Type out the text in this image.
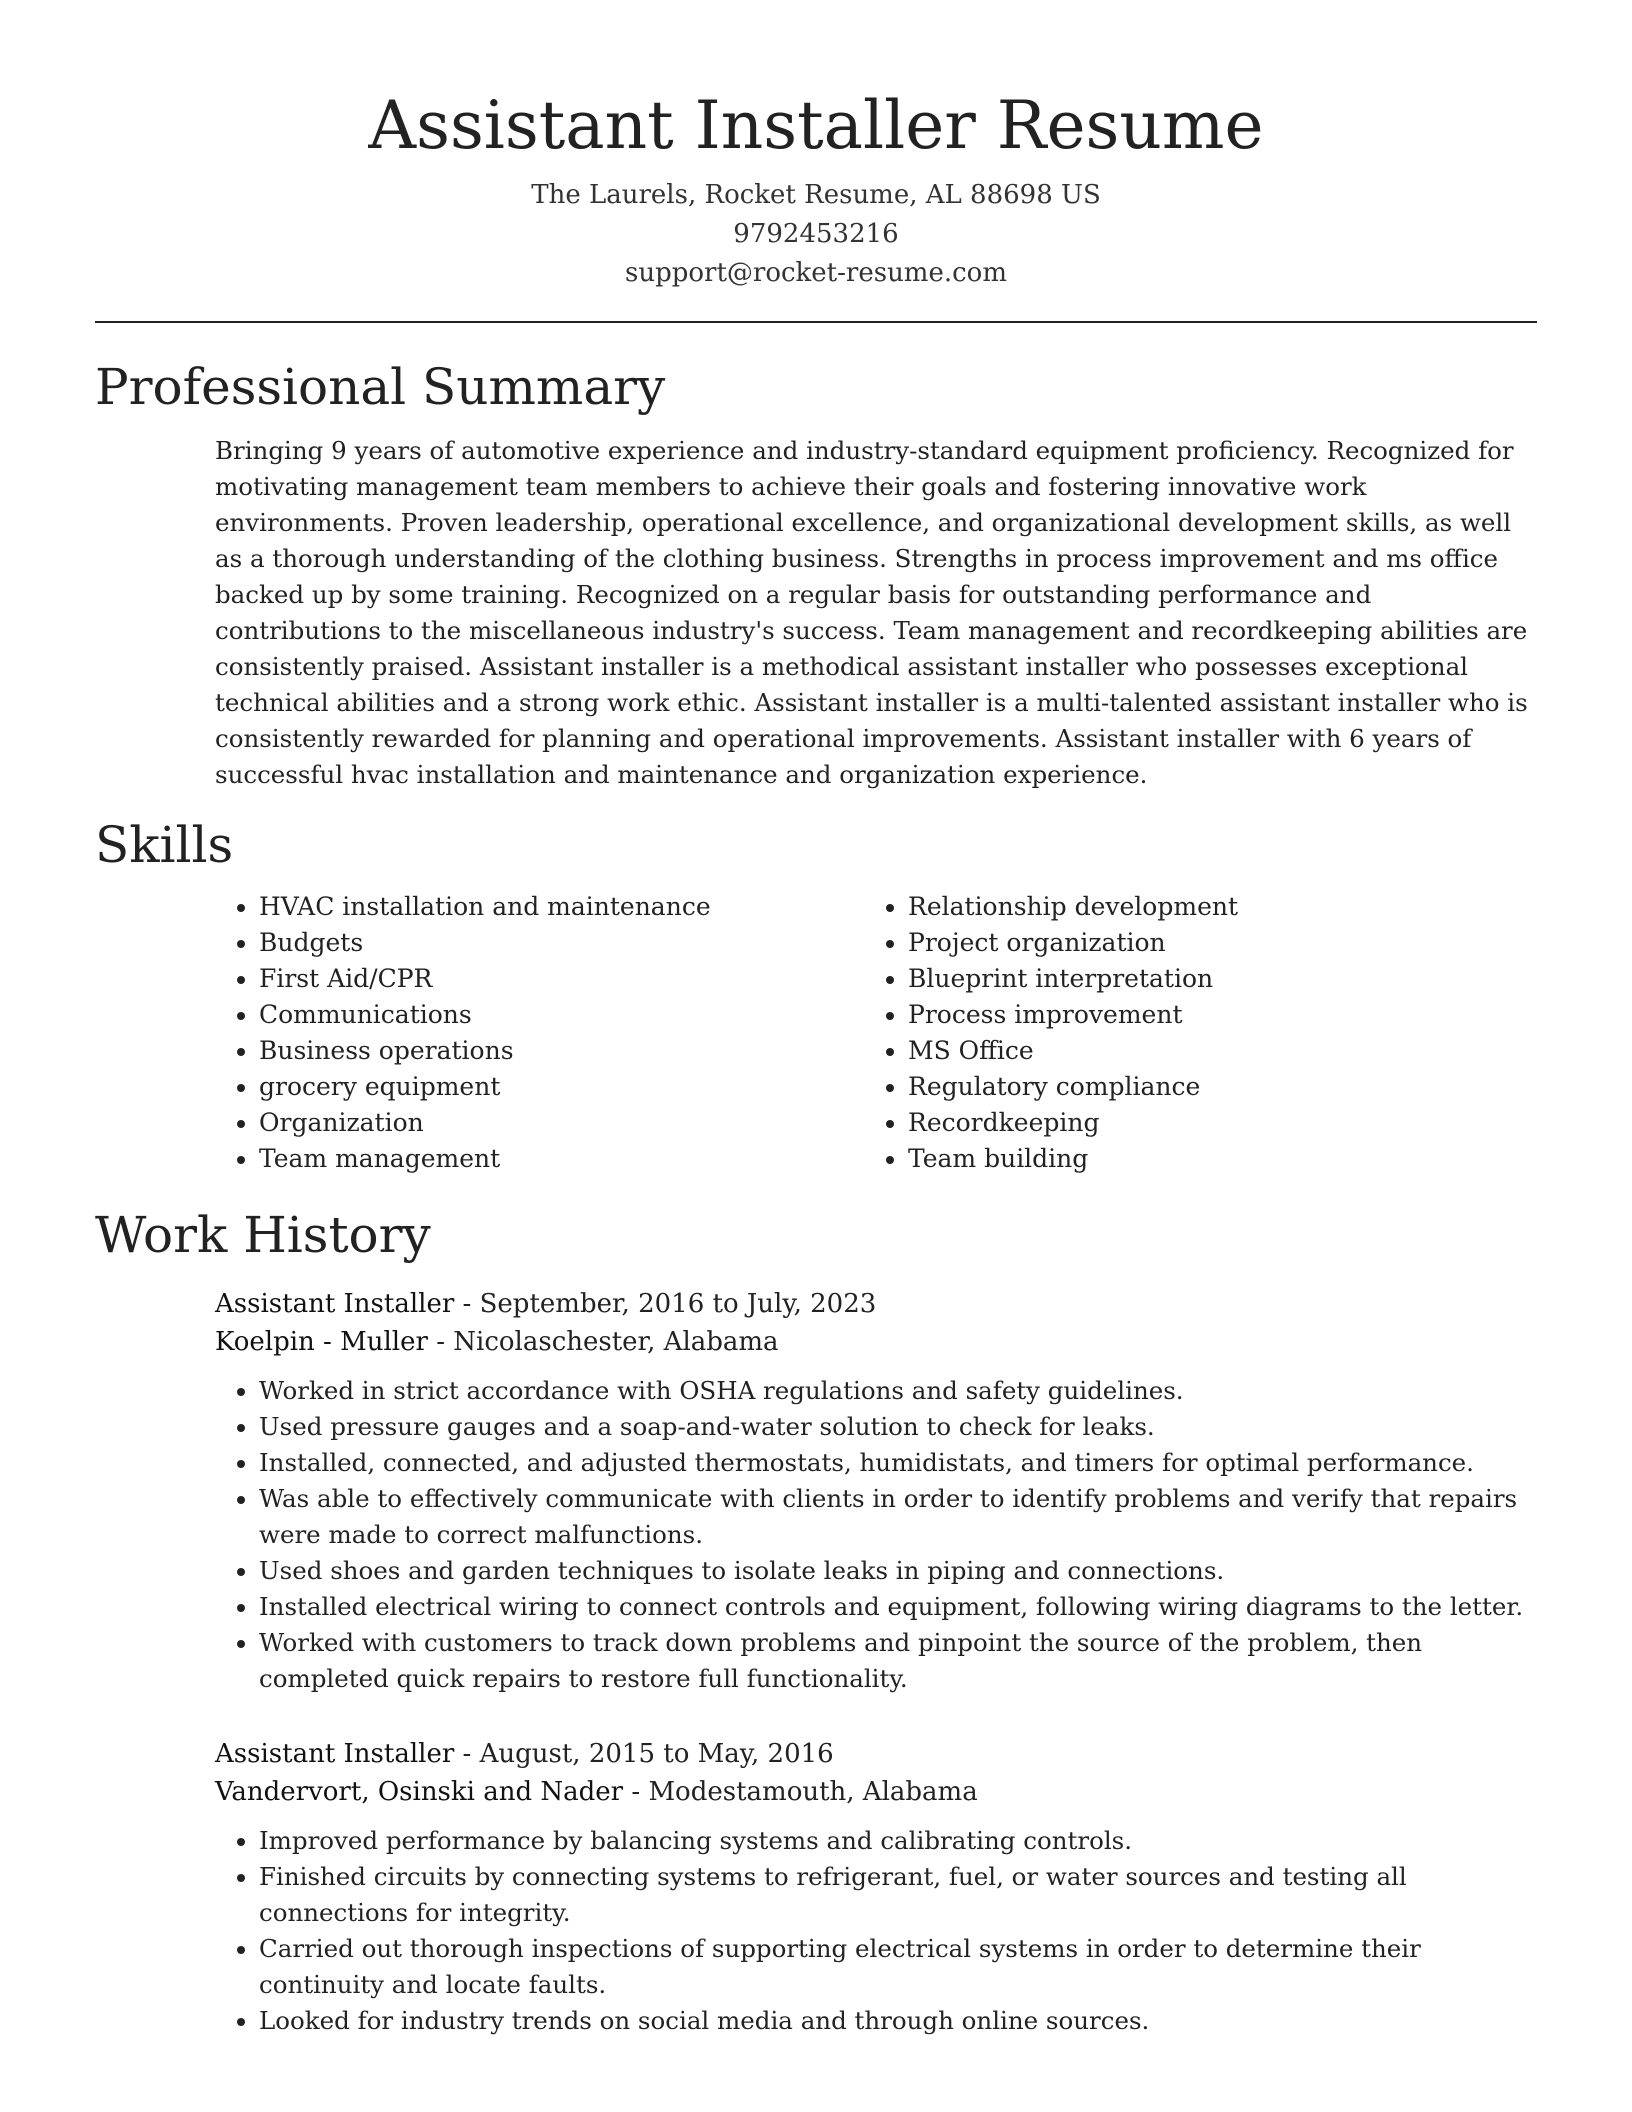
Assistant Installer Resume
The Laurels, Rocket Resume, AL 88698 US
9792453216
support@rocket-resume.com
Professional Summary

Bringing 9 years of automotive experience and industry-standard equipment proficiency. Recognized for motivating management team members to achieve their goals and fostering innovative work environments. Proven leadership, operational excellence, and organizational development skills, as well as a thorough understanding of the clothing business. Strengths in process improvement and ms office backed up by some training. Recognized on a regular basis for outstanding performance and contributions to the miscellaneous industry's success. Team management and recordkeeping abilities are consistently praised. Assistant installer is a methodical assistant installer who possesses exceptional technical abilities and a strong work ethic. Assistant installer is a multi-talented assistant installer who is consistently rewarded for planning and operational improvements. Assistant installer with 6 years of successful hvac installation and maintenance and organization experience.

Skills
• HVAC installation and maintenance
• Budgets
• First Aid/CPR
• Communications
• Business operations
• grocery equipment
• Organization
• Team management
• Relationship development
• Project organization
• Blueprint interpretation
• Process improvement
• MS Office
• Regulatory compliance
• Recordkeeping
• Team building
Work History
Assistant Installer - September, 2016 to July, 2023
Koelpin - Muller - Nicolaschester, Alabama
• Worked in strict accordance with OSHA regulations and safety guidelines.
• Used pressure gauges and a soap-and-water solution to check for leaks.
• Installed, connected, and adjusted thermostats, humidistats, and timers for optimal performance.
• Was able to effectively communicate with clients in order to identify problems and verify that repairs were made to correct malfunctions.
• Used shoes and garden techniques to isolate leaks in piping and connections.
• Installed electrical wiring to connect controls and equipment, following wiring diagrams to the letter.
• Worked with customers to track down problems and pinpoint the source of the problem, then completed quick repairs to restore full functionality.
Assistant Installer - August, 2015 to May, 2016
Vandervort, Osinski and Nader - Modestamouth, Alabama
• Improved performance by balancing systems and calibrating controls.
• Finished circuits by connecting systems to refrigerant, fuel, or water sources and testing all connections for integrity.
• Carried out thorough inspections of supporting electrical systems in order to determine their continuity and locate faults.
• Looked for industry trends on social media and through online sources.
